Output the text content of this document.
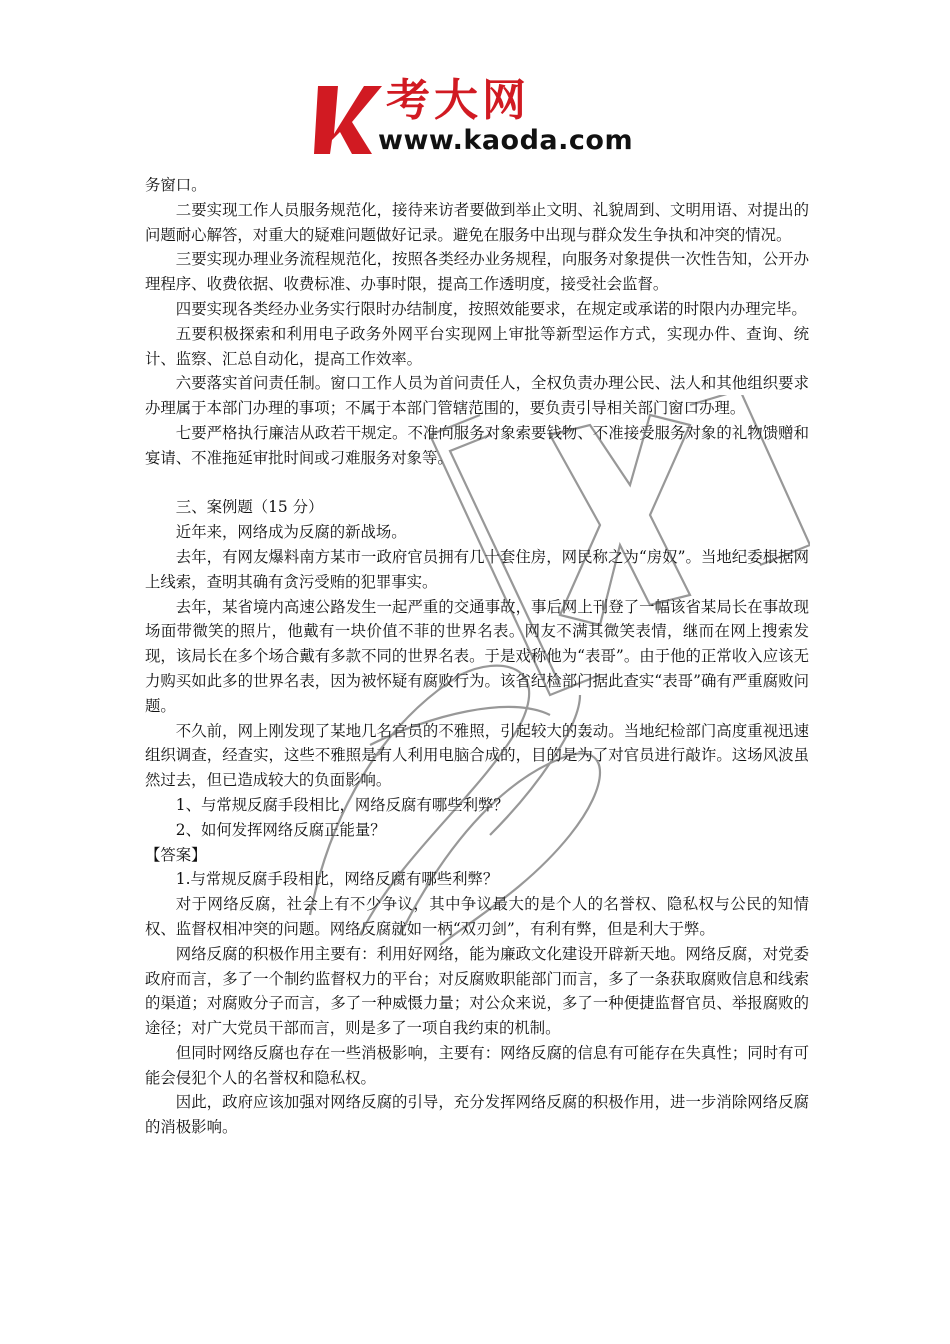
考大网
www.kaoda.com

务窗口。

二要实现工作人员服务规范化，接待来访者要做到举止文明、礼貌周到、文明用语、对提出的问题耐心解答，对重大的疑难问题做好记录。避免在服务中出现与群众发生争执和冲突的情况。

三要实现办理业务流程规范化，按照各类经办业务规程，向服务对象提供一次性告知，公开办理程序、收费依据、收费标准、办事时限，提高工作透明度，接受社会监督。

四要实现各类经办业务实行限时办结制度，按照效能要求，在规定或承诺的时限内办理完毕。

五要积极探索和利用电子政务外网平台实现网上审批等新型运作方式，实现办件、查询、统计、监察、汇总自动化，提高工作效率。

六要落实首问责任制。窗口工作人员为首问责任人，全权负责办理公民、法人和其他组织要求办理属于本部门办理的事项；不属于本部门管辖范围的，要负责引导相关部门窗口办理。

七要严格执行廉洁从政若干规定。不准向服务对象索要钱物、不准接受服务对象的礼物馈赠和宴请、不准拖延审批时间或刁难服务对象等。

三、案例题（15 分）

近年来，网络成为反腐的新战场。

去年，有网友爆料南方某市一政府官员拥有几十套住房，网民称之为“房奴”。当地纪委根据网上线索，查明其确有贪污受贿的犯罪事实。

去年，某省境内高速公路发生一起严重的交通事故，事后网上刊登了一幅该省某局长在事故现场面带微笑的照片，他戴有一块价值不菲的世界名表。网友不满其微笑表情，继而在网上搜索发现，该局长在多个场合戴有多款不同的世界名表。于是戏称他为“表哥”。由于他的正常收入应该无力购买如此多的世界名表，因为被怀疑有腐败行为。该省纪检部门据此查实“表哥”确有严重腐败问题。

不久前，网上刚发现了某地几名官员的不雅照，引起较大的轰动。当地纪检部门高度重视迅速组织调查，经查实，这些不雅照是有人利用电脑合成的，目的是为了对官员进行敲诈。这场风波虽然过去，但已造成较大的负面影响。

1、与常规反腐手段相比，网络反腐有哪些利弊？

2、如何发挥网络反腐正能量？

【答案】

1.与常规反腐手段相比，网络反腐有哪些利弊？

对于网络反腐，社会上有不少争议，其中争议最大的是个人的名誉权、隐私权与公民的知情权、监督权相冲突的问题。网络反腐就如一柄“双刃剑”，有利有弊，但是利大于弊。

网络反腐的积极作用主要有：利用好网络，能为廉政文化建设开辟新天地。网络反腐，对党委政府而言，多了一个制约监督权力的平台；对反腐败职能部门而言，多了一条获取腐败信息和线索的渠道；对腐败分子而言，多了一种威慑力量；对公众来说，多了一种便捷监督官员、举报腐败的途径；对广大党员干部而言，则是多了一项自我约束的机制。

但同时网络反腐也存在一些消极影响，主要有：网络反腐的信息有可能存在失真性；同时有可能会侵犯个人的名誉权和隐私权。

因此，政府应该加强对网络反腐的引导，充分发挥网络反腐的积极作用，进一步消除网络反腐的消极影响。
